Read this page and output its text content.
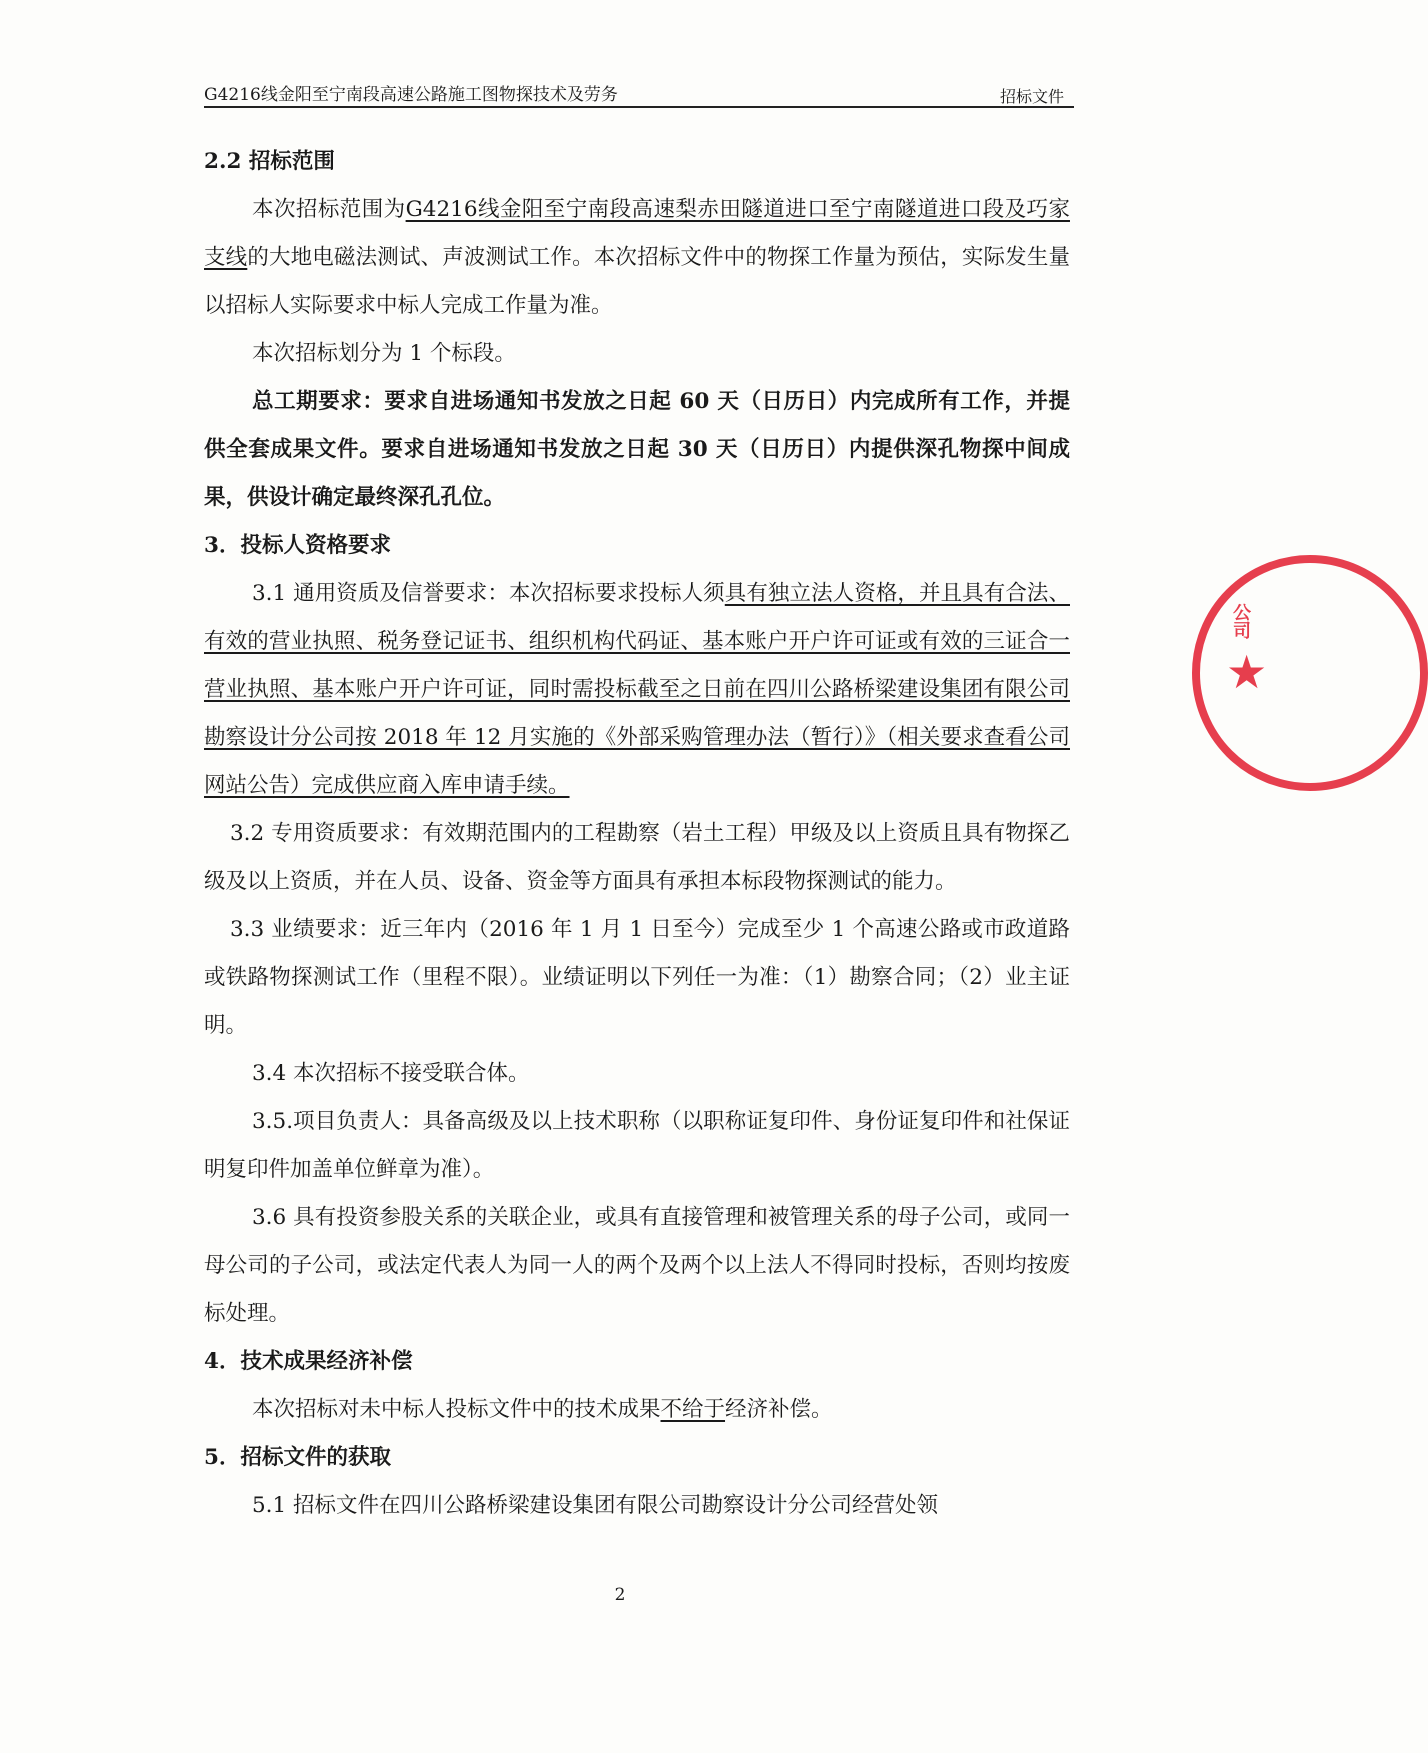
G4216线金阳至宁南段高速公路施工图物探技术及劳务	招标文件

2.2 招标范围

本次招标范围为G4216线金阳至宁南段高速梨赤田隧道进口至宁南隧道进口段及巧家支线的大地电磁法测试、声波测试工作。本次招标文件中的物探工作量为预估，实际发生量以招标人实际要求中标人完成工作量为准。

本次招标划分为 1 个标段。

总工期要求：要求自进场通知书发放之日起 60 天（日历日）内完成所有工作，并提供全套成果文件。要求自进场通知书发放之日起 30 天（日历日）内提供深孔物探中间成果，供设计确定最终深孔孔位。

3．投标人资格要求

3.1 通用资质及信誉要求：本次招标要求投标人须具有独立法人资格，并且具有合法、有效的营业执照、税务登记证书、组织机构代码证、基本账户开户许可证或有效的三证合一营业执照、基本账户开户许可证，同时需投标截至之日前在四川公路桥梁建设集团有限公司勘察设计分公司按 2018 年 12 月实施的《外部采购管理办法（暂行）》（相关要求查看公司网站公告）完成供应商入库申请手续。

3.2 专用资质要求：有效期范围内的工程勘察（岩土工程）甲级及以上资质且具有物探乙级及以上资质，并在人员、设备、资金等方面具有承担本标段物探测试的能力。

3.3 业绩要求：近三年内（2016 年 1 月 1 日至今）完成至少 1 个高速公路或市政道路或铁路物探测试工作（里程不限）。业绩证明以下列任一为准：（1）勘察合同；（2）业主证明。

3.4 本次招标不接受联合体。

3.5.项目负责人：具备高级及以上技术职称（以职称证复印件、身份证复印件和社保证明复印件加盖单位鲜章为准）。

3.6 具有投资参股关系的关联企业，或具有直接管理和被管理关系的母子公司，或同一母公司的子公司，或法定代表人为同一人的两个及两个以上法人不得同时投标，否则均按废标处理。

4．技术成果经济补偿

本次招标对未中标人投标文件中的技术成果不给于经济补偿。

5．招标文件的获取

5.1 招标文件在四川公路桥梁建设集团有限公司勘察设计分公司经营处领

2
公司
★
